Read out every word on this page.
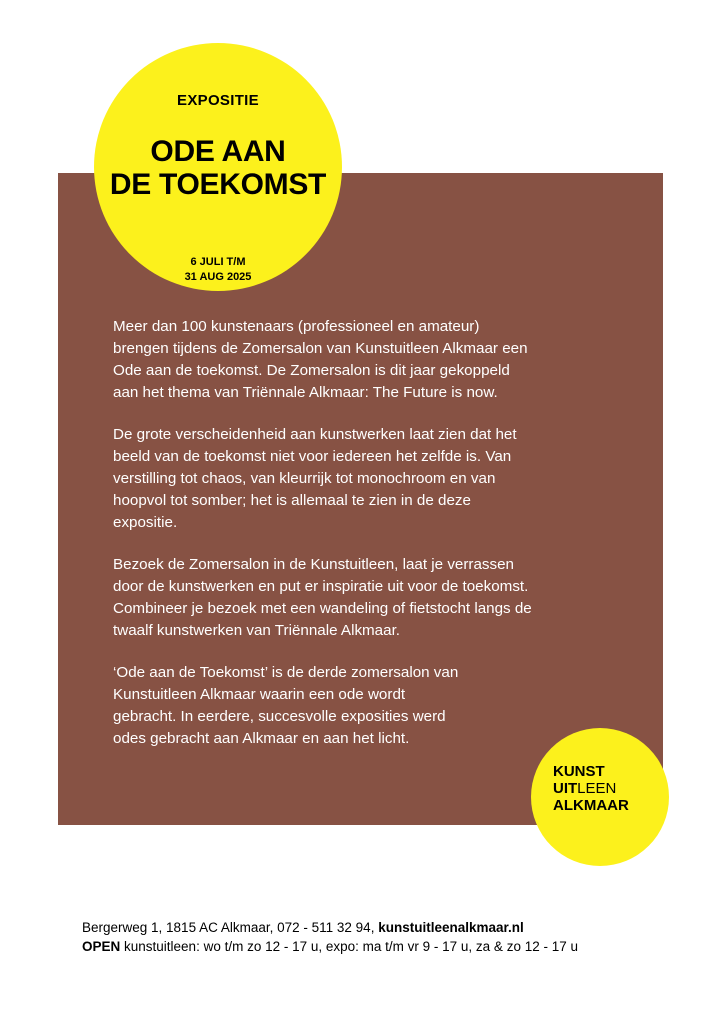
EXPOSITIE
ODE AAN
DE TOEKOMST
6 JULI T/M
31 AUG 2025

Meer dan 100 kunstenaars (professioneel en amateur)
brengen tijdens de Zomersalon van Kunstuitleen Alkmaar een
Ode aan de toekomst. De Zomersalon is dit jaar gekoppeld
aan het thema van Triënnale Alkmaar: The Future is now.

De grote verscheidenheid aan kunstwerken laat zien dat het
beeld van de toekomst niet voor iedereen het zelfde is. Van
verstilling tot chaos, van kleurrijk tot monochroom en van
hoopvol tot somber; het is allemaal te zien in de deze
expositie.

Bezoek de Zomersalon in de Kunstuitleen, laat je verrassen
door de kunstwerken en put er inspiratie uit voor de toekomst.
Combineer je bezoek met een wandeling of fietstocht langs de
twaalf kunstwerken van Triënnale Alkmaar.

‘Ode aan de Toekomst’ is de derde zomersalon van
Kunstuitleen Alkmaar waarin een ode wordt
gebracht. In eerdere, succesvolle exposities werd
odes gebracht aan Alkmaar en aan het licht.

KUNST
UITLEEN
ALKMAAR
Bergerweg 1, 1815 AC Alkmaar, 072 - 511 32 94, kunstuitleenalkmaar.nl
OPEN kunstuitleen: wo t/m zo 12 - 17 u, expo: ma t/m vr 9 - 17 u, za & zo 12 - 17 u
